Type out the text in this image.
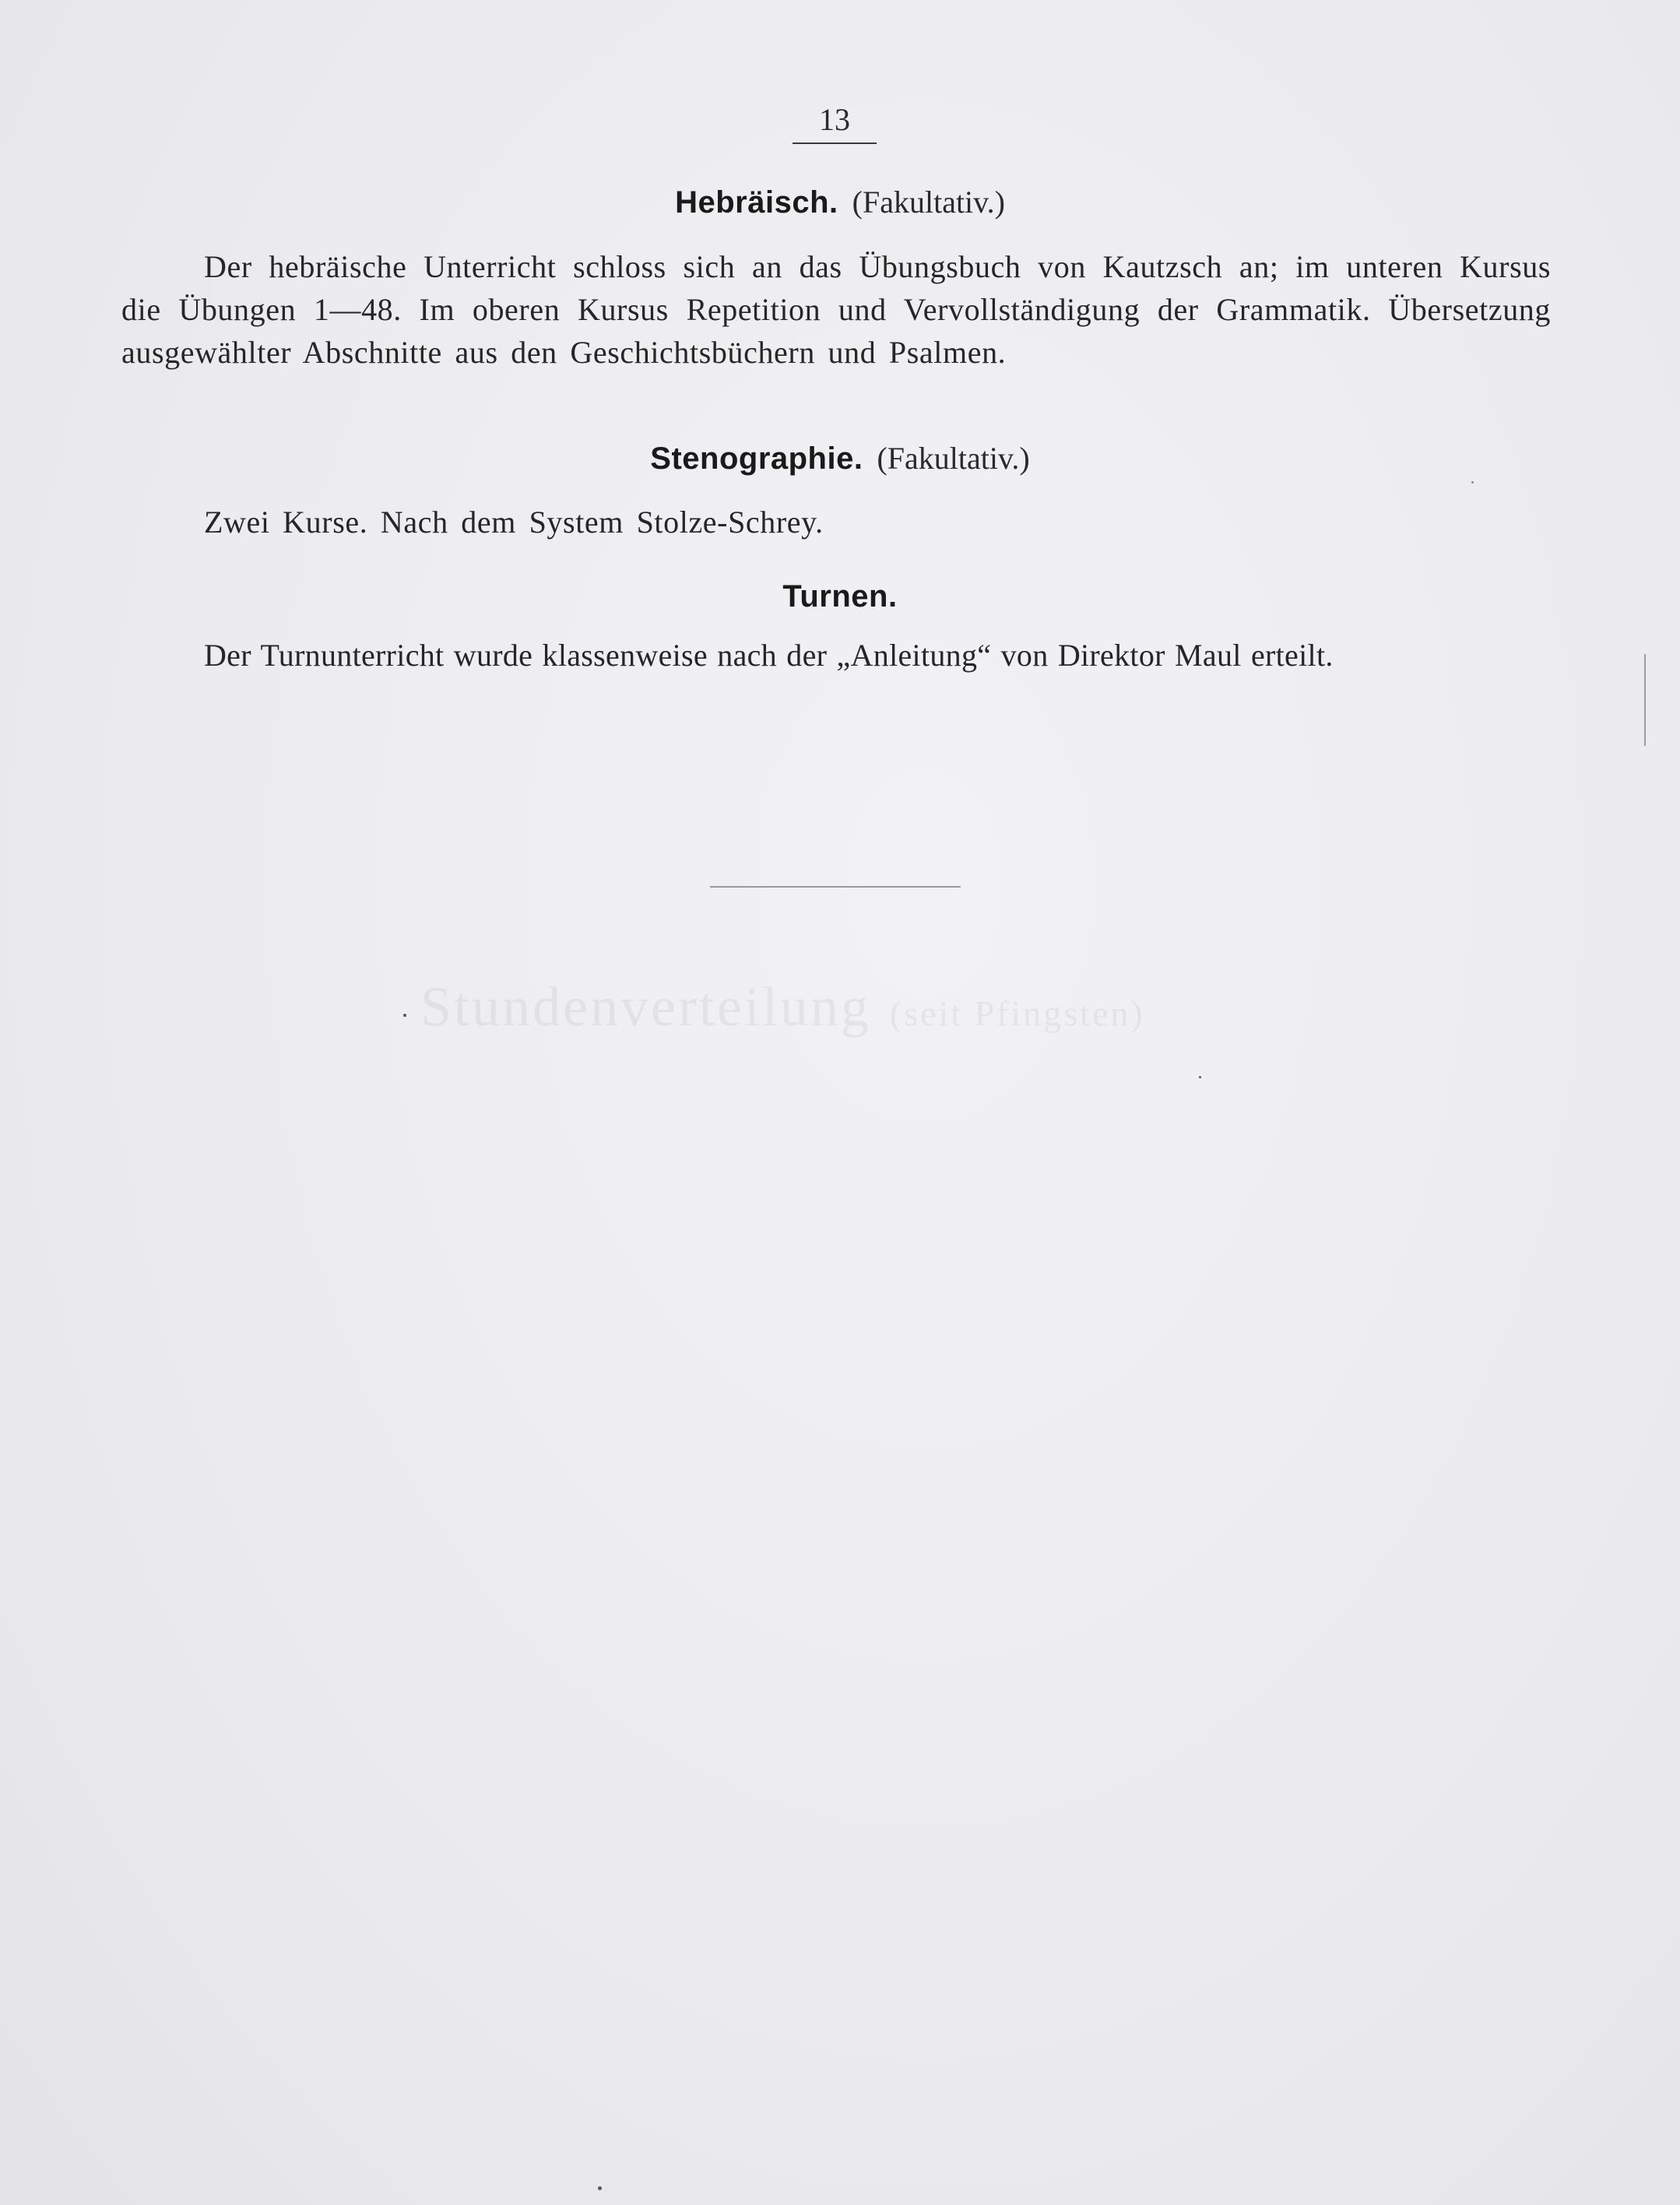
13
Hebräisch. (Fakultativ.)
Der hebräische Unterricht schloss sich an das Übungsbuch von Kautzsch an; im unteren Kursus die Übungen 1—48. Im oberen Kursus Repetition und Vervollständigung der Grammatik. Übersetzung ausgewählter Abschnitte aus den Geschichtsbüchern und Psalmen.
Stenographie. (Fakultativ.)
Zwei Kurse. Nach dem System Stolze-Schrey.
Turnen.
Der Turnunterricht wurde klassenweise nach der „Anleitung“ von Direktor Maul erteilt.
Stundenverteilung (seit Pfingsten)
